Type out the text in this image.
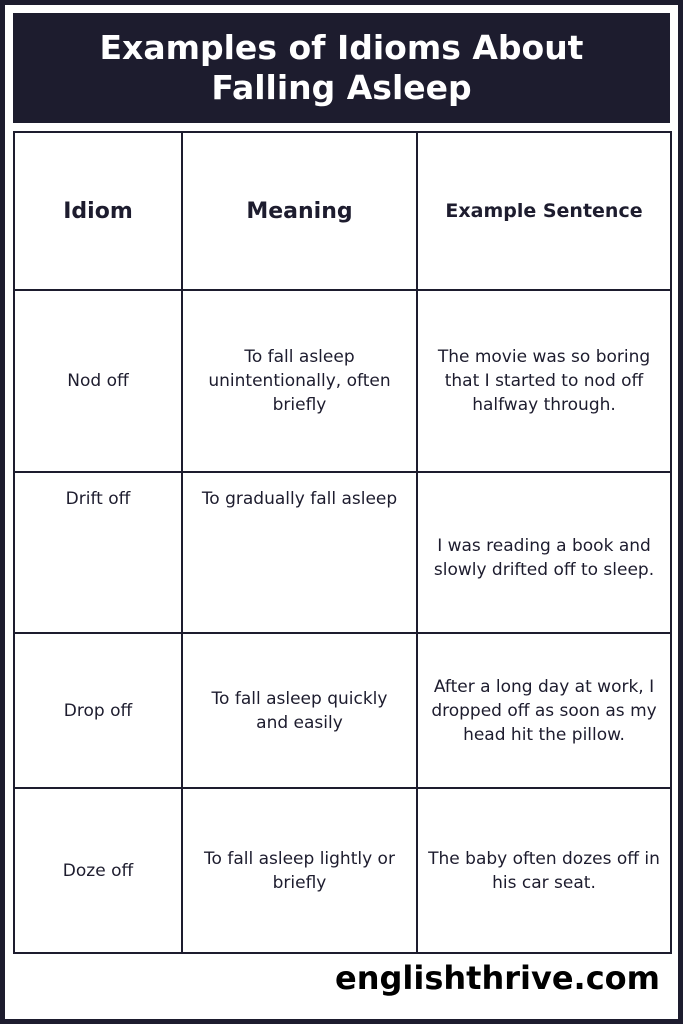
Examples of Idioms About Falling Asleep
Idiom	Meaning	Example Sentence
Nod off	To fall asleep unintentionally, often briefly	The movie was so boring that I started to nod off halfway through.
Drift off	To gradually fall asleep	I was reading a book and slowly drifted off to sleep.
Drop off	To fall asleep quickly and easily	After a long day at work, I dropped off as soon as my head hit the pillow.
Doze off	To fall asleep lightly or briefly	The baby often dozes off in his car seat.
englishthrive.com
